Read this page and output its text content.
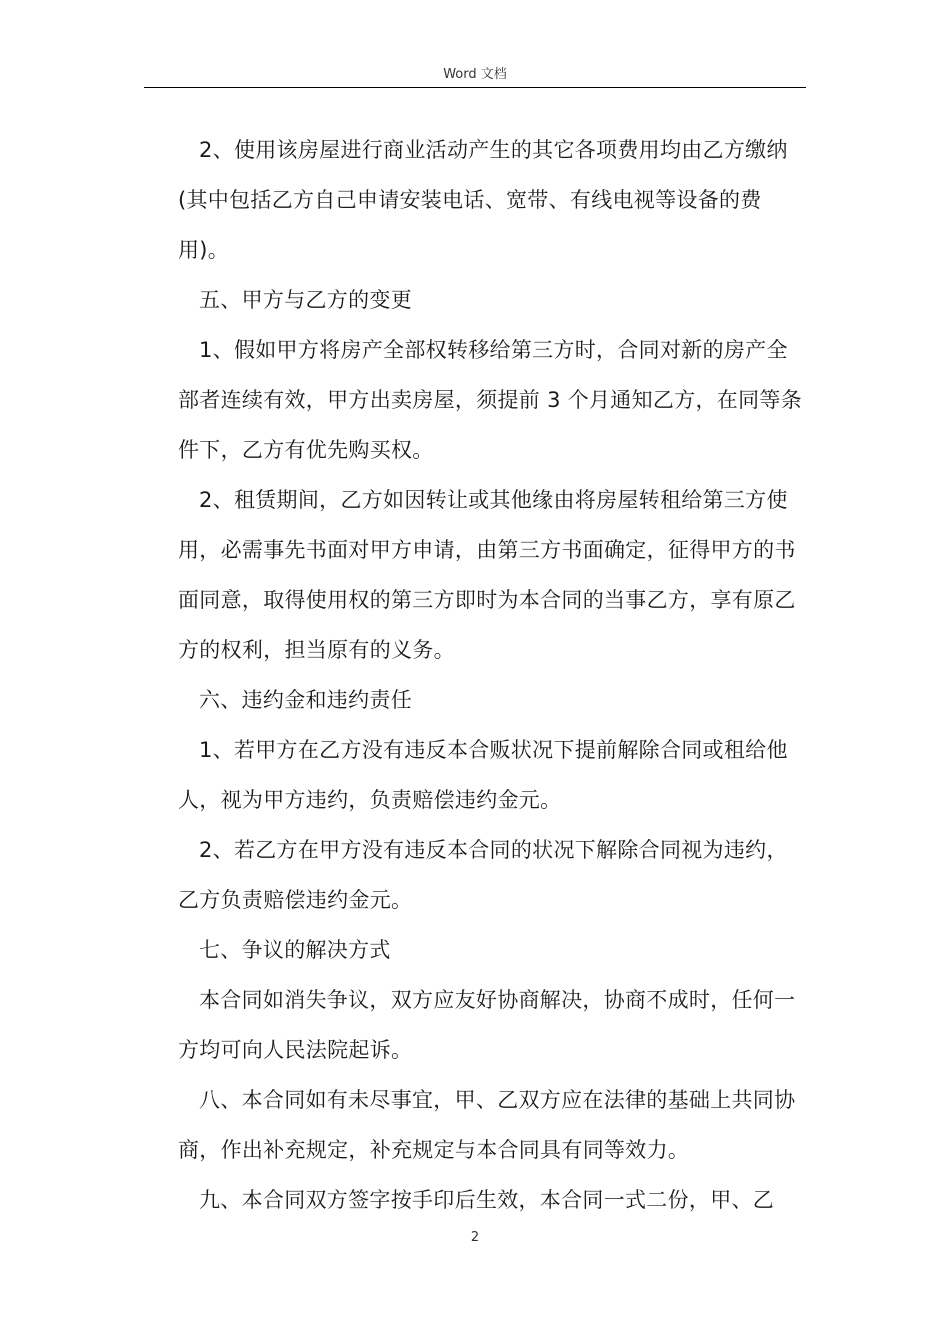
Word 文档

2、使用该房屋进行商业活动产生的其它各项费用均由乙方缴纳(其中包括乙方自己申请安装电话、宽带、有线电视等设备的费用)。

五、甲方与乙方的变更

1、假如甲方将房产全部权转移给第三方时，合同对新的房产全部者连续有效，甲方出卖房屋，须提前 3 个月通知乙方，在同等条件下，乙方有优先购买权。

2、租赁期间，乙方如因转让或其他缘由将房屋转租给第三方使用，必需事先书面对甲方申请，由第三方书面确定，征得甲方的书面同意，取得使用权的第三方即时为本合同的当事乙方，享有原乙方的权利，担当原有的义务。

六、违约金和违约责任

1、若甲方在乙方没有违反本合贩状况下提前解除合同或租给他人，视为甲方违约，负责赔偿违约金元。

2、若乙方在甲方没有违反本合同的状况下解除合同视为违约，乙方负责赔偿违约金元。

七、争议的解决方式

本合同如消失争议，双方应友好协商解决，协商不成时，任何一方均可向人民法院起诉。

八、本合同如有未尽事宜，甲、乙双方应在法律的基础上共同协商，作出补充规定，补充规定与本合同具有同等效力。

九、本合同双方签字按手印后生效，本合同一式二份，甲、乙

2
